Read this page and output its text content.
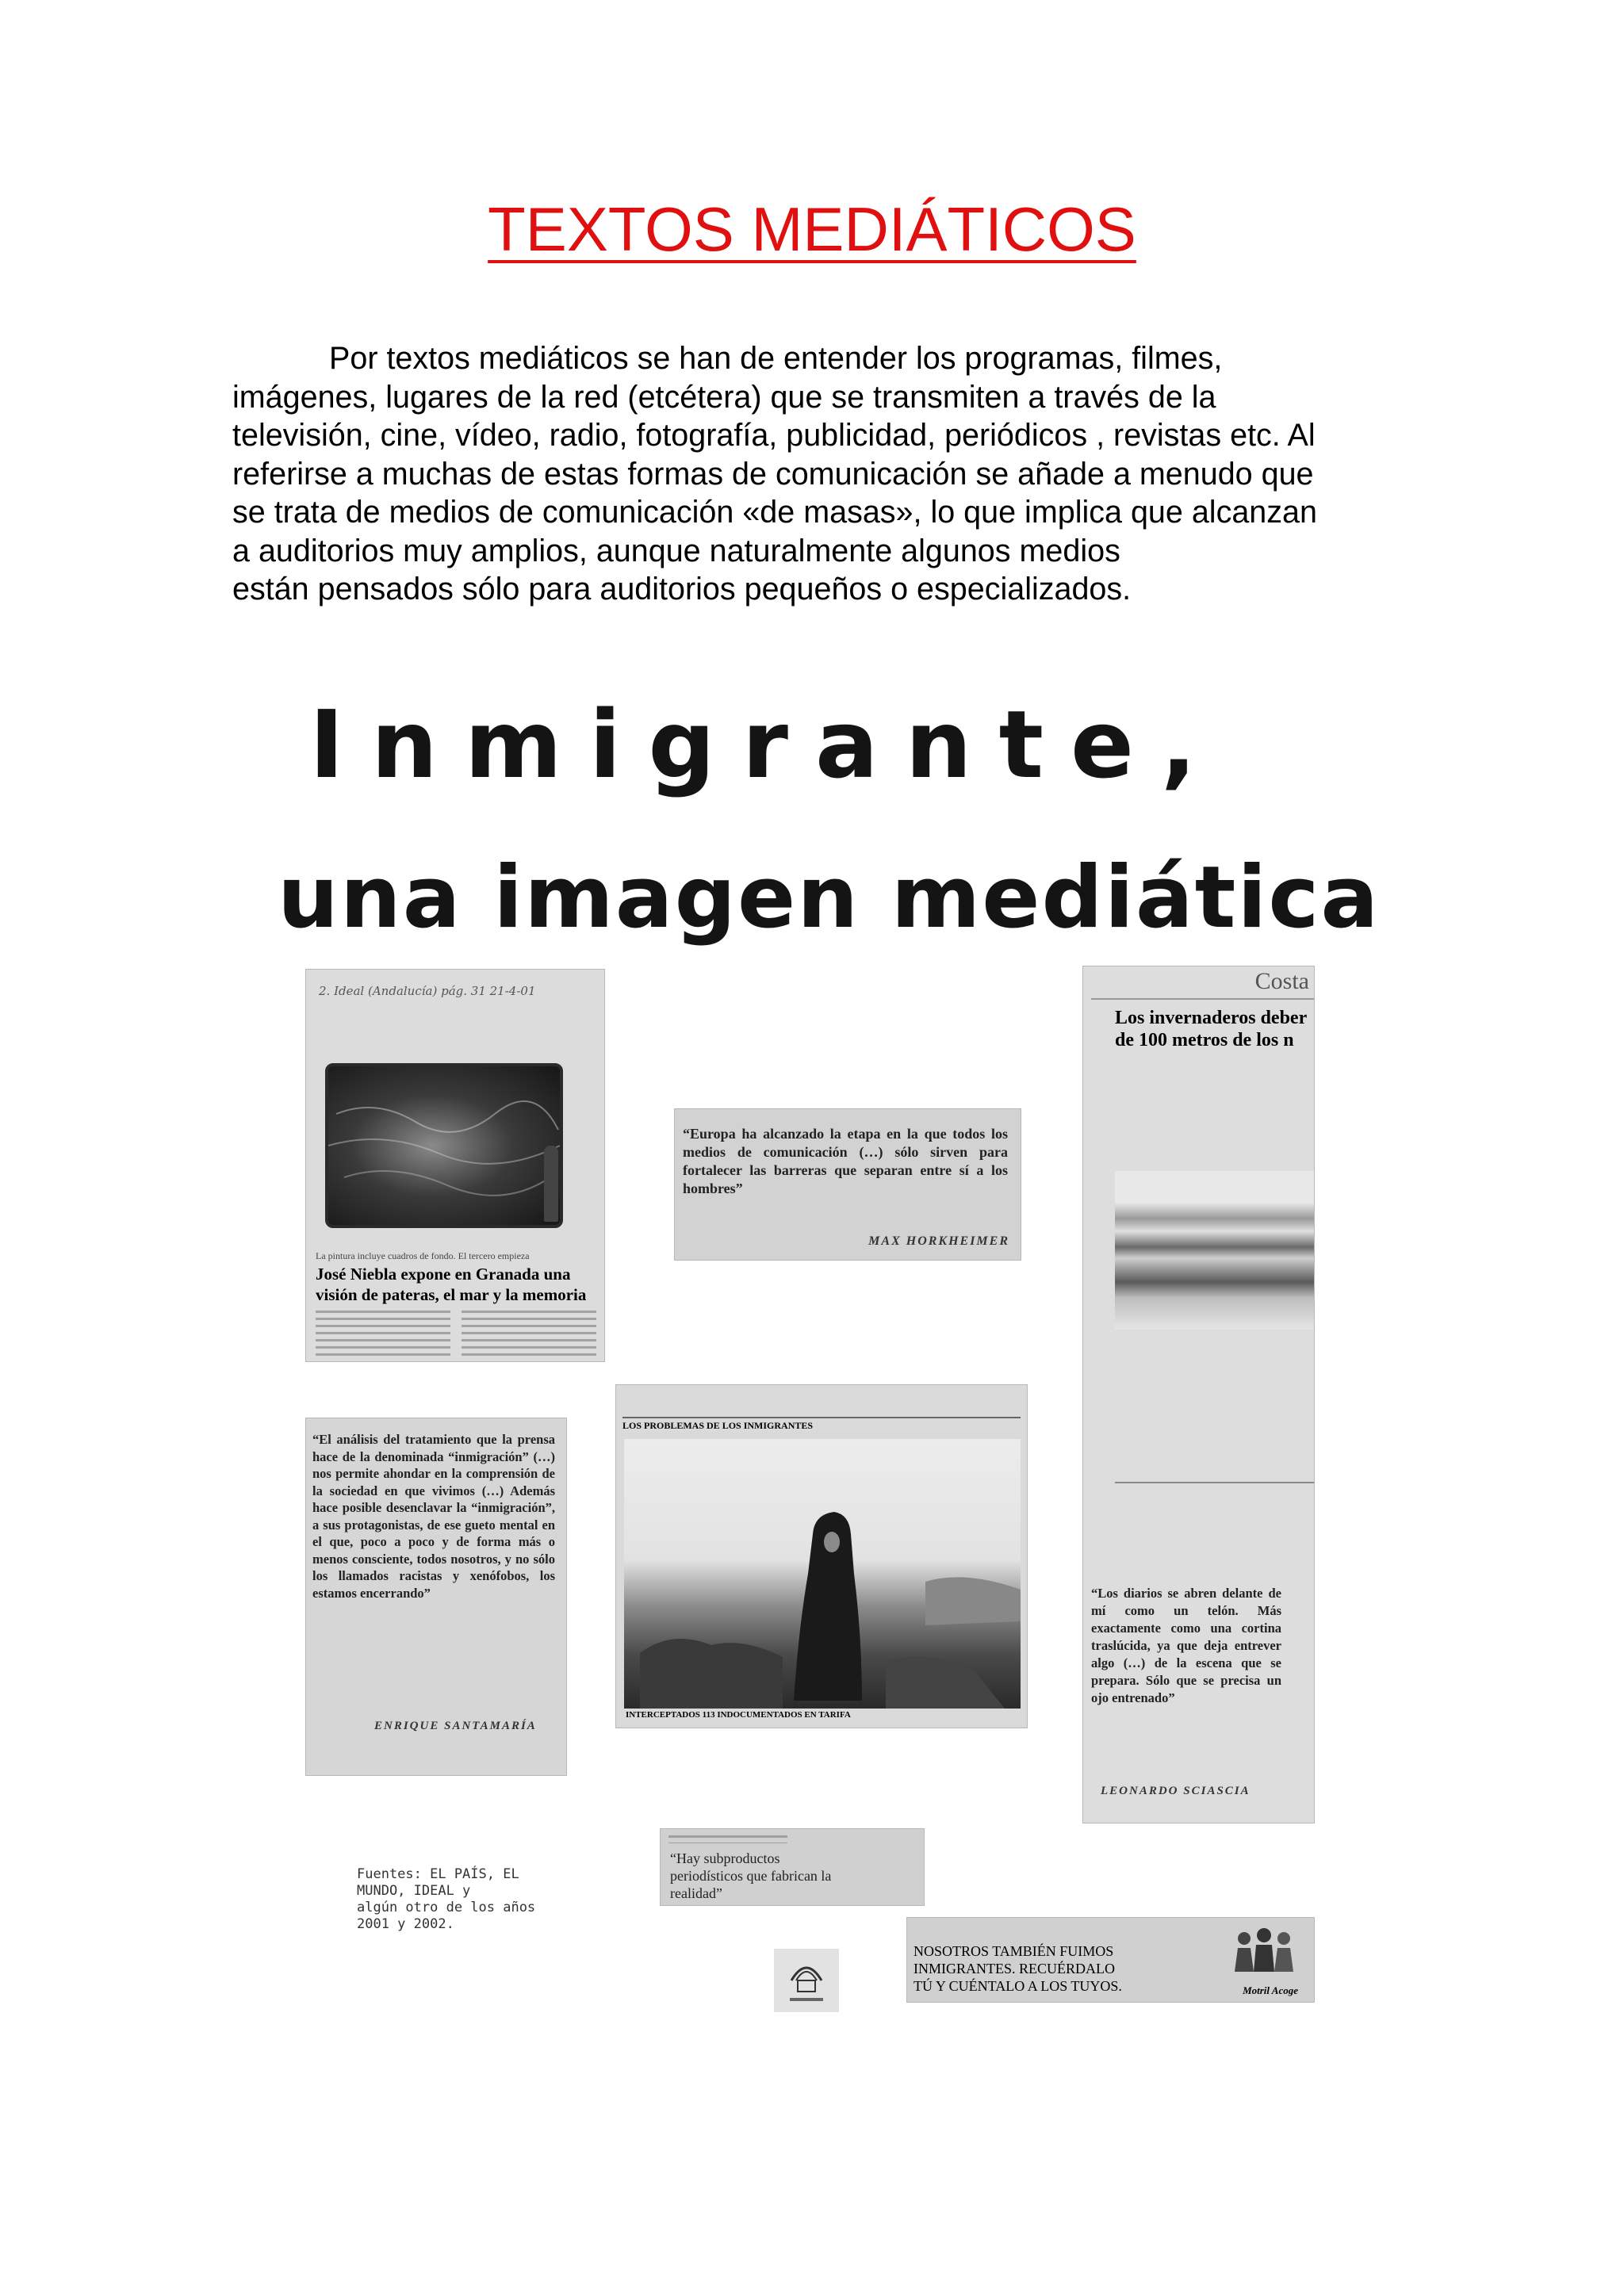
TEXTOS MEDIÁTICOS

Por textos mediáticos se han de entender los programas, filmes,
imágenes, lugares de la red (etcétera) que se transmiten a través de la
televisión, cine, vídeo, radio, fotografía, publicidad, periódicos , revistas etc. Al
referirse a muchas de estas formas de comunicación se añade a menudo que
se trata de medios de comunicación «de masas», lo que implica que alcanzan
a auditorios muy amplios, aunque naturalmente algunos medios
están pensados sólo para auditorios pequeños o especializados.

Inmigrante,
una imagen mediática
2. Ideal (Andalucía) pág. 31 21-4-01
La pintura incluye cuadros de fondo. El tercero empieza
José Niebla expone en Granada una
visión de pateras, el mar y la memoria
“Europa ha alcanzado la etapa en la que todos los medios de comunicación (…) sólo sirven para fortalecer las barreras que separan entre sí a los hombres”
MAX HORKHEIMER
Costa
Los invernaderos deber
de 100 metros de los n
“Los diarios se abren delante de mí como un telón. Más exactamente como una cortina traslúcida, ya que deja entrever algo (…) de la escena que se prepara. Sólo que se precisa un ojo entrenado”
LEONARDO SCIASCIA
“El análisis del tratamiento que la prensa hace de la denominada “inmigración” (…) nos permite ahondar en la comprensión de la sociedad en que vivimos (…) Además hace posible desenclavar la “inmigración”, a sus protagonistas, de ese gueto mental en el que, poco a poco y de forma más o menos consciente, todos nosotros, y no sólo los llamados racistas y xenófobos, los estamos encerrando”
ENRIQUE SANTAMARÍA
LOS PROBLEMAS DE LOS INMIGRANTES
INTERCEPTADOS 113 INDOCUMENTADOS EN TARIFA
“Hay subproductos periodísticos que fabrican la realidad”
Fuentes: EL PAÍS, EL
MUNDO, IDEAL y
algún otro de los años
2001 y 2002.
NOSOTROS TAMBIÉN FUIMOS
INMIGRANTES. RECUÉRDALO
TÚ Y CUÉNTALO A LOS TUYOS.	Motril Acoge
